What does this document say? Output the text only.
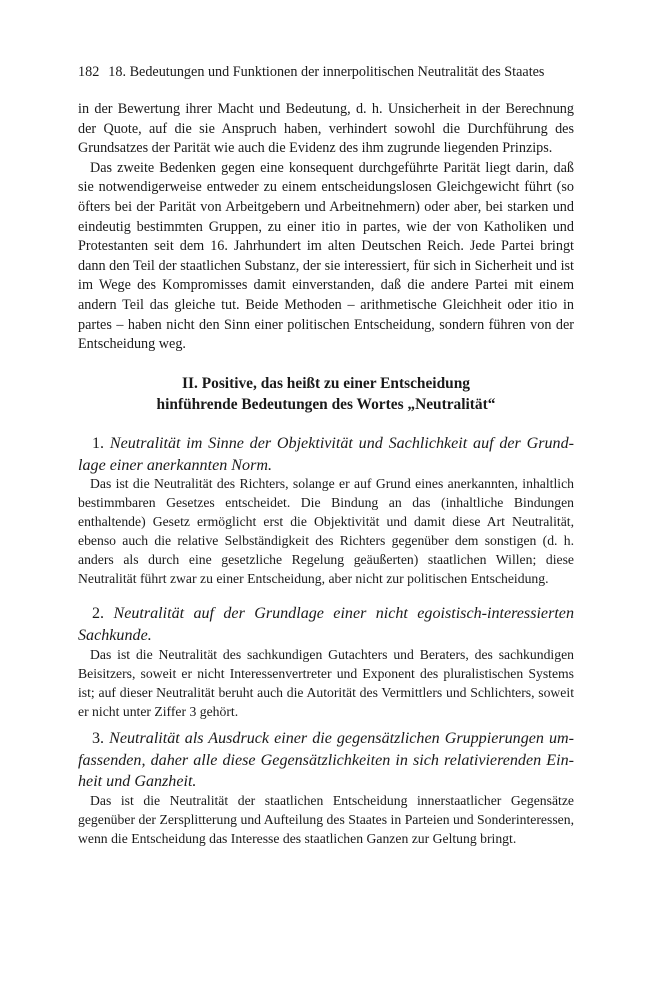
182 18. Bedeutungen und Funktionen der innerpolitischen Neutralität des Staates

in der Bewertung ihrer Macht und Bedeutung, d. h. Unsicherheit in der Berechnung der Quote, auf die sie Anspruch haben, verhindert sowohl die Durchführung des Grundsatzes der Parität wie auch die Evidenz des ihm zugrunde liegenden Prinzips.

Das zweite Bedenken gegen eine konsequent durchgeführte Parität liegt darin, daß sie notwendigerweise entweder zu einem entscheidungslosen Gleichgewicht führt (so öfters bei der Parität von Arbeitgebern und Arbeitnehmern) oder aber, bei starken und eindeutig bestimmten Gruppen, zu einer itio in partes, wie der von Katholiken und Protestanten seit dem 16. Jahrhundert im alten Deutschen Reich. Jede Partei bringt dann den Teil der staatlichen Substanz, der sie interessiert, für sich in Sicherheit und ist im Wege des Kompromisses damit einverstanden, daß die andere Partei mit einem andern Teil das gleiche tut. Beide Methoden – arithmetische Gleichheit oder itio in partes – haben nicht den Sinn einer politischen Entscheidung, sondern führen von der Entscheidung weg.

II. Positive, das heißt zu einer Entscheidung
hinführende Bedeutungen des Wortes „Neutralität“
1. Neutralität im Sinne der Objektivität und Sachlichkeit auf der Grundlage einer anerkannten Norm.

Das ist die Neutralität des Richters, solange er auf Grund eines anerkannten, inhaltlich bestimmbaren Gesetzes entscheidet. Die Bindung an das (inhaltliche Bindungen enthaltende) Gesetz ermöglicht erst die Objektivität und damit diese Art Neutralität, ebenso auch die relative Selbständigkeit des Richters gegenüber dem sonstigen (d. h. anders als durch eine gesetzliche Regelung geäußerten) staatlichen Willen; diese Neutralität führt zwar zu einer Entscheidung, aber nicht zur politischen Entscheidung.

2. Neutralität auf der Grundlage einer nicht egoistisch-interessierten Sachkunde.

Das ist die Neutralität des sachkundigen Gutachters und Beraters, des sachkundigen Beisitzers, soweit er nicht Interessenvertreter und Exponent des pluralistischen Systems ist; auf dieser Neutralität beruht auch die Autorität des Vermittlers und Schlichters, soweit er nicht unter Ziffer 3 gehört.

3. Neutralität als Ausdruck einer die gegensätzlichen Gruppierungen umfassenden, daher alle diese Gegensätzlichkeiten in sich relativierenden Einheit und Ganzheit.

Das ist die Neutralität der staatlichen Entscheidung innerstaatlicher Gegensätze gegenüber der Zersplitterung und Aufteilung des Staates in Parteien und Sonderinteressen, wenn die Entscheidung das Interesse des staatlichen Ganzen zur Geltung bringt.
